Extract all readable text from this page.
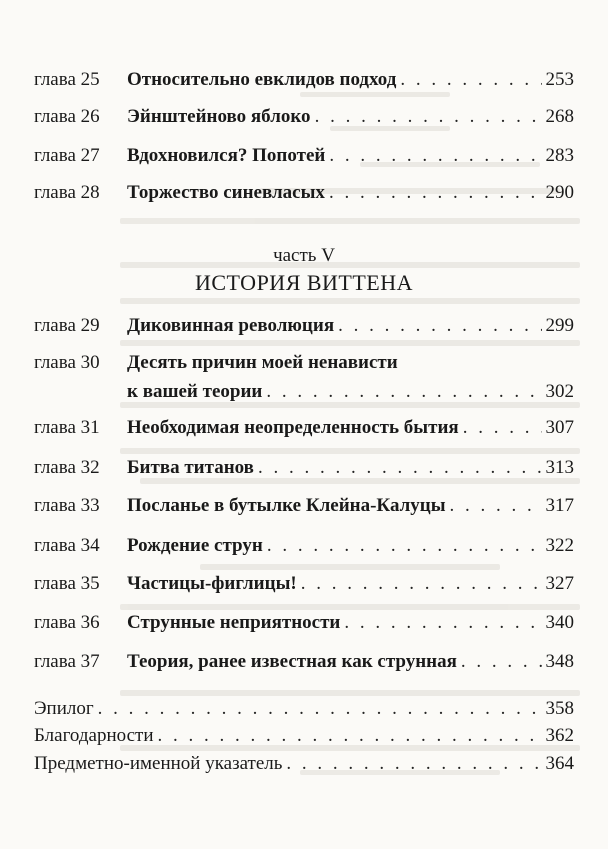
глава 25 Относительно евклидов подход . . .	253
глава 26 Эйнштейново яблоко . . .	268
глава 27 Вдохновился? Попотей . . .	283
глава 28 Торжество синевласых . . .	290
часть V
ИСТОРИЯ ВИТТЕНА
глава 29 Диковинная революция . . .	299
глава 30 Десять причин моей ненависти
к вашей теории . . .	302
глава 31 Необходимая неопределенность бытия . . .	307
глава 32 Битва титанов . . .	313
глава 33 Посланье в бутылке Клейна-Калуцы . . .	317
глава 34 Рождение струн . . .	322
глава 35 Частицы-фиглицы! . . .	327
глава 36 Струнные неприятности . . .	340
глава 37 Теория, ранее известная как струнная . . .	348
Эпилог . . .	358
Благодарности . . .	362
Предметно-именной указатель . . .	364
